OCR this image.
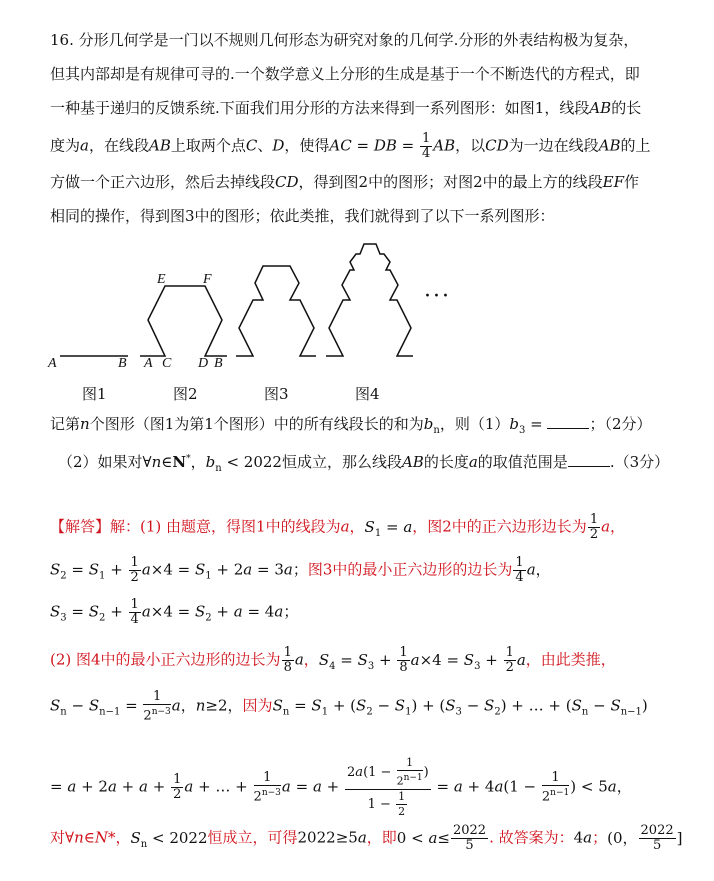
16. 分形几何学是一门以不规则几何形态为研究对象的几何学.分形的外表结构极为复杂，
但其内部却是有规律可寻的.一个数学意义上分形的生成是基于一个不断迭代的方程式，即
一种基于递归的反馈系统.下面我们用分形的方法来得到一系列图形：如图1，线段AB的长
度为a，在线段AB上取两个点C、D，使得AC = DB = $\frac{1}{4}$ AB，以CD为一边在线段AB的上
方做一个正六边形，然后去掉线段CD，得到图2中的图形；对图2中的最上方的线段EF作
相同的操作，得到图3中的图形；依此类推，我们就得到了以下一系列图形：
A	B A C D B
E	F
···
图1	图2	图3	图4
记第n个图形（图1为第1个图形）中的所有线段长的和为$b_n$，则$(1)b_3$ =	；（2分）
（2）如果对∀n∈N*，$b_n < 2022$恒成立，那么线段AB的长度a的取值范围是	.（3分）
【解答】解：(1) 由题意，得图1中的线段为a，$S_1 = a$，图2中的正六边形边长为 $\frac{1}{2}$ a，
$S_2 = S_1 + \frac{1}{2} a\times 4 = S_1 + 2a = 3a$；图3中的最小正六边形的边长为 $\frac{1}{4}$ a，
$S_3 = S_2 + \frac{1}{4} a\times 4 = S_2 + a = 4a$；
(2) 图4中的最小正六边形的边长为 $\frac{1}{8}$ a，$S_4 = S_3 + \frac{1}{8} a\times 4 = S_3 + \frac{1}{2}$ a，由此类推，
$S_n - S_{n-1} = \frac{1}{2^{n-3}}$ a，n≥2，因为$S_n = S_1 + (S_2 - S_1) + (S_3 - S_2)$ + … + $(S_n - S_{n-1})$
= $a + 2a + a + \frac{1}{2}$ a + … + $\frac{1}{2^{n-3}}$ $a = a + \frac{2a(1 - \frac{1}{2^{n-1}} )}{1 - \frac{1}{2}} = a + 4a(1 - \frac{1}{2^{n-1}}$ ) < 5a，
对∀n∈N*，$S_n < 2022$恒成立，可得2022≥5a，即$0 < a\le \frac{2022}{5}$ . 故答案为：4a；(0， $\frac{2022}{5}$ ]
